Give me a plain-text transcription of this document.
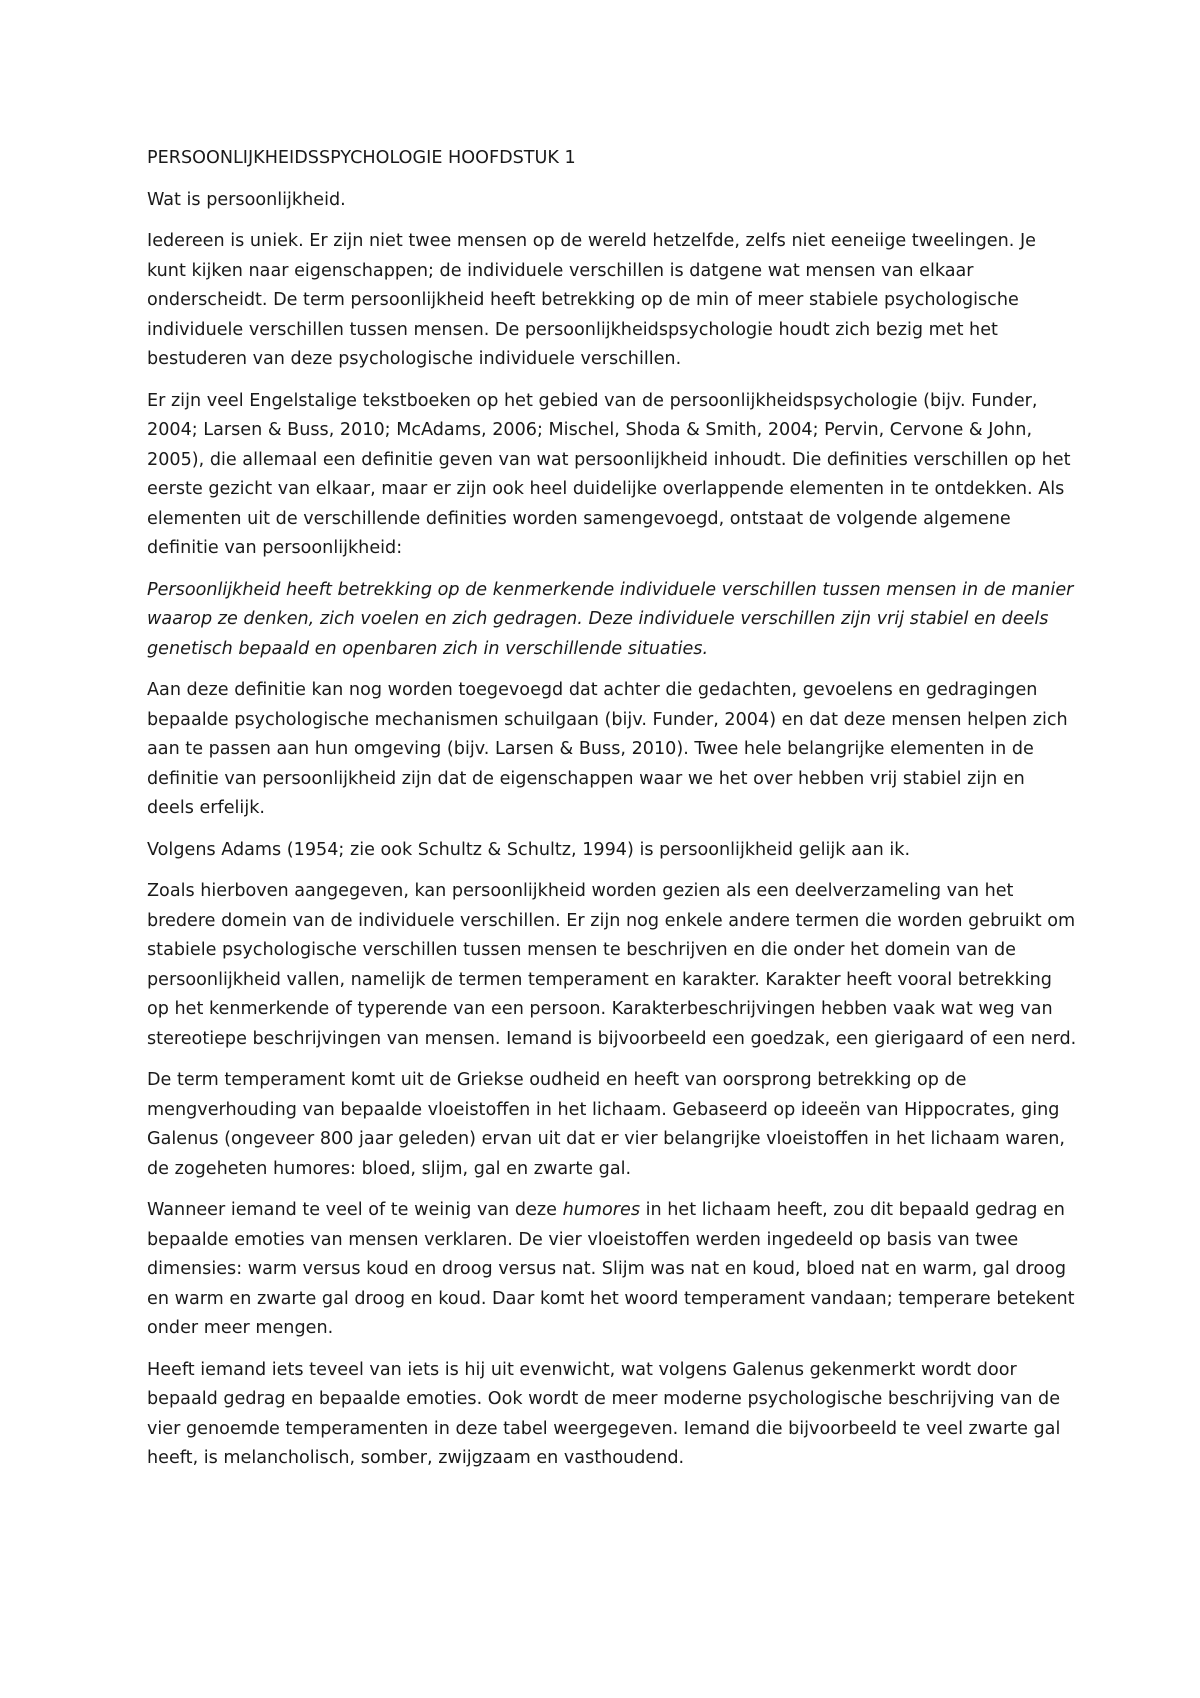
PERSOONLIJKHEIDSSPYCHOLOGIE HOOFDSTUK 1

Wat is persoonlijkheid.

Iedereen is uniek. Er zijn niet twee mensen op de wereld hetzelfde, zelfs niet eeneiige tweelingen. Je kunt kijken naar eigenschappen; de individuele verschillen is datgene wat mensen van elkaar onderscheidt. De term persoonlijkheid heeft betrekking op de min of meer stabiele psychologische individuele verschillen tussen mensen. De persoonlijkheidspsychologie houdt zich bezig met het bestuderen van deze psychologische individuele verschillen.

Er zijn veel Engelstalige tekstboeken op het gebied van de persoonlijkheidspsychologie (bijv. Funder, 2004; Larsen & Buss, 2010; McAdams, 2006; Mischel, Shoda & Smith, 2004; Pervin, Cervone & John, 2005), die allemaal een definitie geven van wat persoonlijkheid inhoudt. Die definities verschillen op het eerste gezicht van elkaar, maar er zijn ook heel duidelijke overlappende elementen in te ontdekken. Als elementen uit de verschillende definities worden samengevoegd, ontstaat de volgende algemene definitie van persoonlijkheid:

Persoonlijkheid heeft betrekking op de kenmerkende individuele verschillen tussen mensen in de manier waarop ze denken, zich voelen en zich gedragen. Deze individuele verschillen zijn vrij stabiel en deels genetisch bepaald en openbaren zich in verschillende situaties.

Aan deze definitie kan nog worden toegevoegd dat achter die gedachten, gevoelens en gedragingen bepaalde psychologische mechanismen schuilgaan (bijv. Funder, 2004) en dat deze mensen helpen zich aan te passen aan hun omgeving (bijv. Larsen & Buss, 2010). Twee hele belangrijke elementen in de definitie van persoonlijkheid zijn dat de eigenschappen waar we het over hebben vrij stabiel zijn en deels erfelijk.

Volgens Adams (1954; zie ook Schultz & Schultz, 1994) is persoonlijkheid gelijk aan ik.

Zoals hierboven aangegeven, kan persoonlijkheid worden gezien als een deelverzameling van het bredere domein van de individuele verschillen. Er zijn nog enkele andere termen die worden gebruikt om stabiele psychologische verschillen tussen mensen te beschrijven en die onder het domein van de persoonlijkheid vallen, namelijk de termen temperament en karakter. Karakter heeft vooral betrekking op het kenmerkende of typerende van een persoon. Karakterbeschrijvingen hebben vaak wat weg van stereotiepe beschrijvingen van mensen. Iemand is bijvoorbeeld een goedzak, een gierigaard of een nerd.

De term temperament komt uit de Griekse oudheid en heeft van oorsprong betrekking op de mengverhouding van bepaalde vloeistoffen in het lichaam. Gebaseerd op ideeën van Hippocrates, ging Galenus (ongeveer 800 jaar geleden) ervan uit dat er vier belangrijke vloeistoffen in het lichaam waren, de zogeheten humores: bloed, slijm, gal en zwarte gal.

Wanneer iemand te veel of te weinig van deze humores in het lichaam heeft, zou dit bepaald gedrag en bepaalde emoties van mensen verklaren. De vier vloeistoffen werden ingedeeld op basis van twee dimensies: warm versus koud en droog versus nat. Slijm was nat en koud, bloed nat en warm, gal droog en warm en zwarte gal droog en koud. Daar komt het woord temperament vandaan; temperare betekent onder meer mengen.

Heeft iemand iets teveel van iets is hij uit evenwicht, wat volgens Galenus gekenmerkt wordt door bepaald gedrag en bepaalde emoties. Ook wordt de meer moderne psychologische beschrijving van de vier genoemde temperamenten in deze tabel weergegeven. Iemand die bijvoorbeeld te veel zwarte gal heeft, is melancholisch, somber, zwijgzaam en vasthoudend.
